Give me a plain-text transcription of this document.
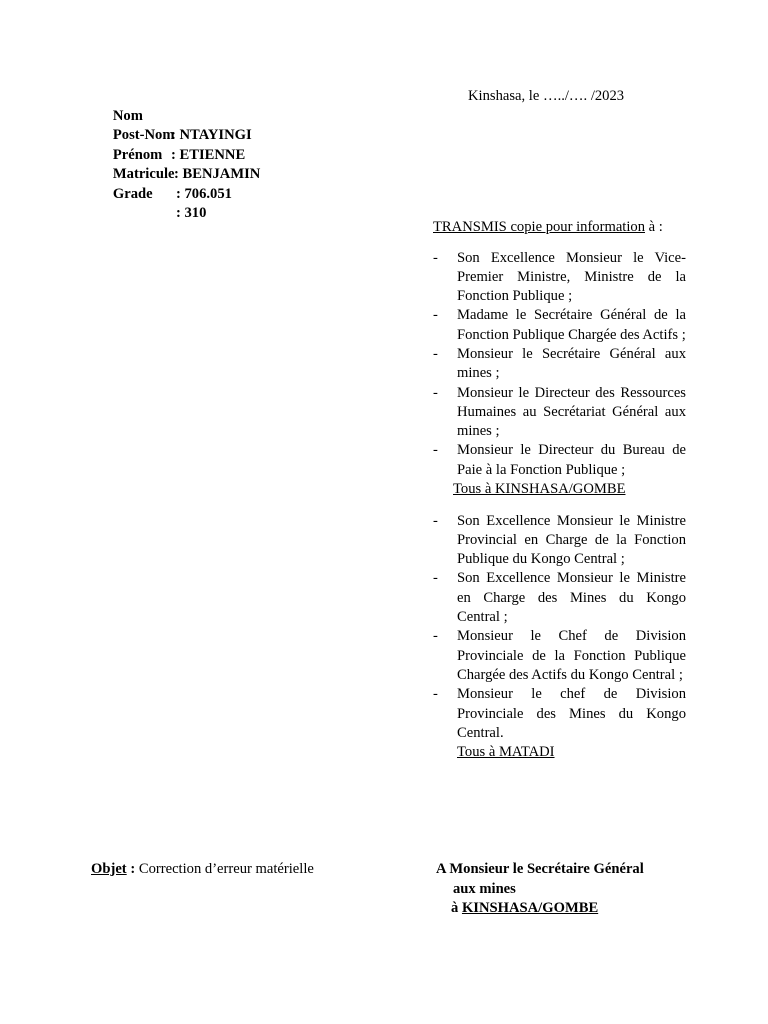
Nom

: NTAYINGI

Post-Nom

: ETIENNE

Prénom

: BENJAMIN

Matricule

: 706.051

Grade

: 310

Kinshasa, le …../…. /2023
TRANSMIS copie pour information à :
- Son Excellence Monsieur le Vice-Premier Ministre, Ministre de la Fonction Publique ;
- Madame le Secrétaire Général de la Fonction Publique Chargée des Actifs ;
- Monsieur le Secrétaire Général aux mines ;
- Monsieur le Directeur des Ressources Humaines au Secrétariat Général aux mines ;
- Monsieur le Directeur du Bureau de Paie à la Fonction Publique ;
Tous à KINSHASA/GOMBE
- Son Excellence Monsieur le Ministre Provincial en Charge de la Fonction Publique du Kongo Central ;
- Son Excellence Monsieur le Ministre en Charge des Mines du Kongo Central ;
- Monsieur le Chef de Division Provinciale de la Fonction Publique Chargée des Actifs du Kongo Central ;
- Monsieur le chef de Division Provinciale des Mines du Kongo Central.
Tous à MATADI
Objet : Correction d’erreur matérielle	A Monsieur le Secrétaire Général
aux mines
à KINSHASA/GOMBE
